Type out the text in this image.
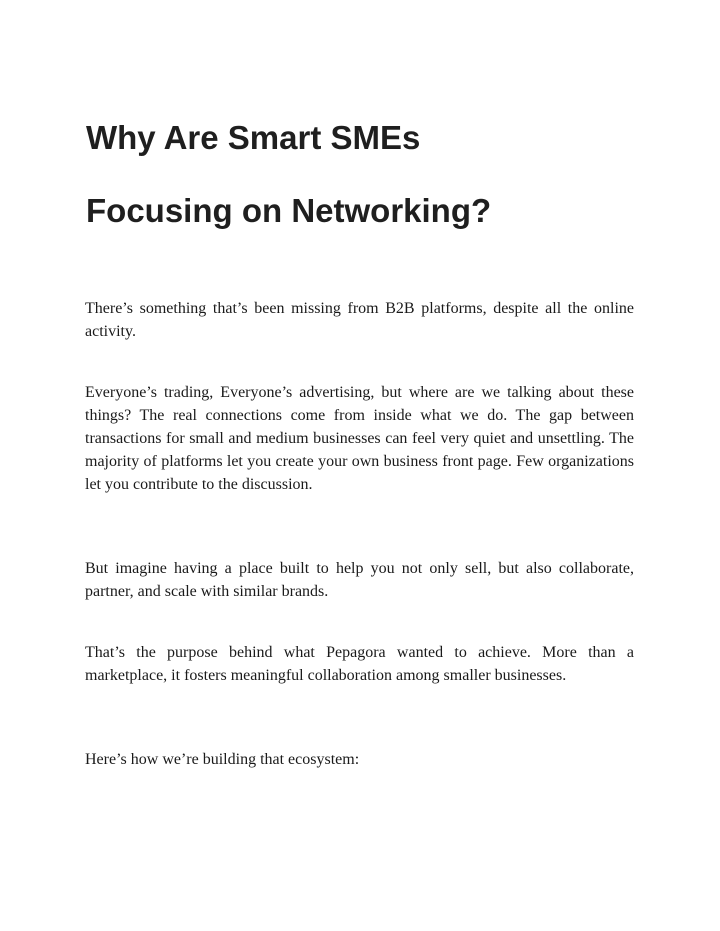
Why Are Smart SMEs
Focusing on Networking?

There’s something that’s been missing from B2B platforms, despite all the online activity.

Everyone’s trading, Everyone’s advertising, but where are we talking about these things? The real connections come from inside what we do. The gap between transactions for small and medium businesses can feel very quiet and unsettling. The majority of platforms let you create your own business front page. Few organizations let you contribute to the discussion.

But imagine having a place built to help you not only sell, but also collaborate, partner, and scale with similar brands.

That’s the purpose behind what Pepagora wanted to achieve. More than a marketplace, it fosters meaningful collaboration among smaller businesses.

Here’s how we’re building that ecosystem:
